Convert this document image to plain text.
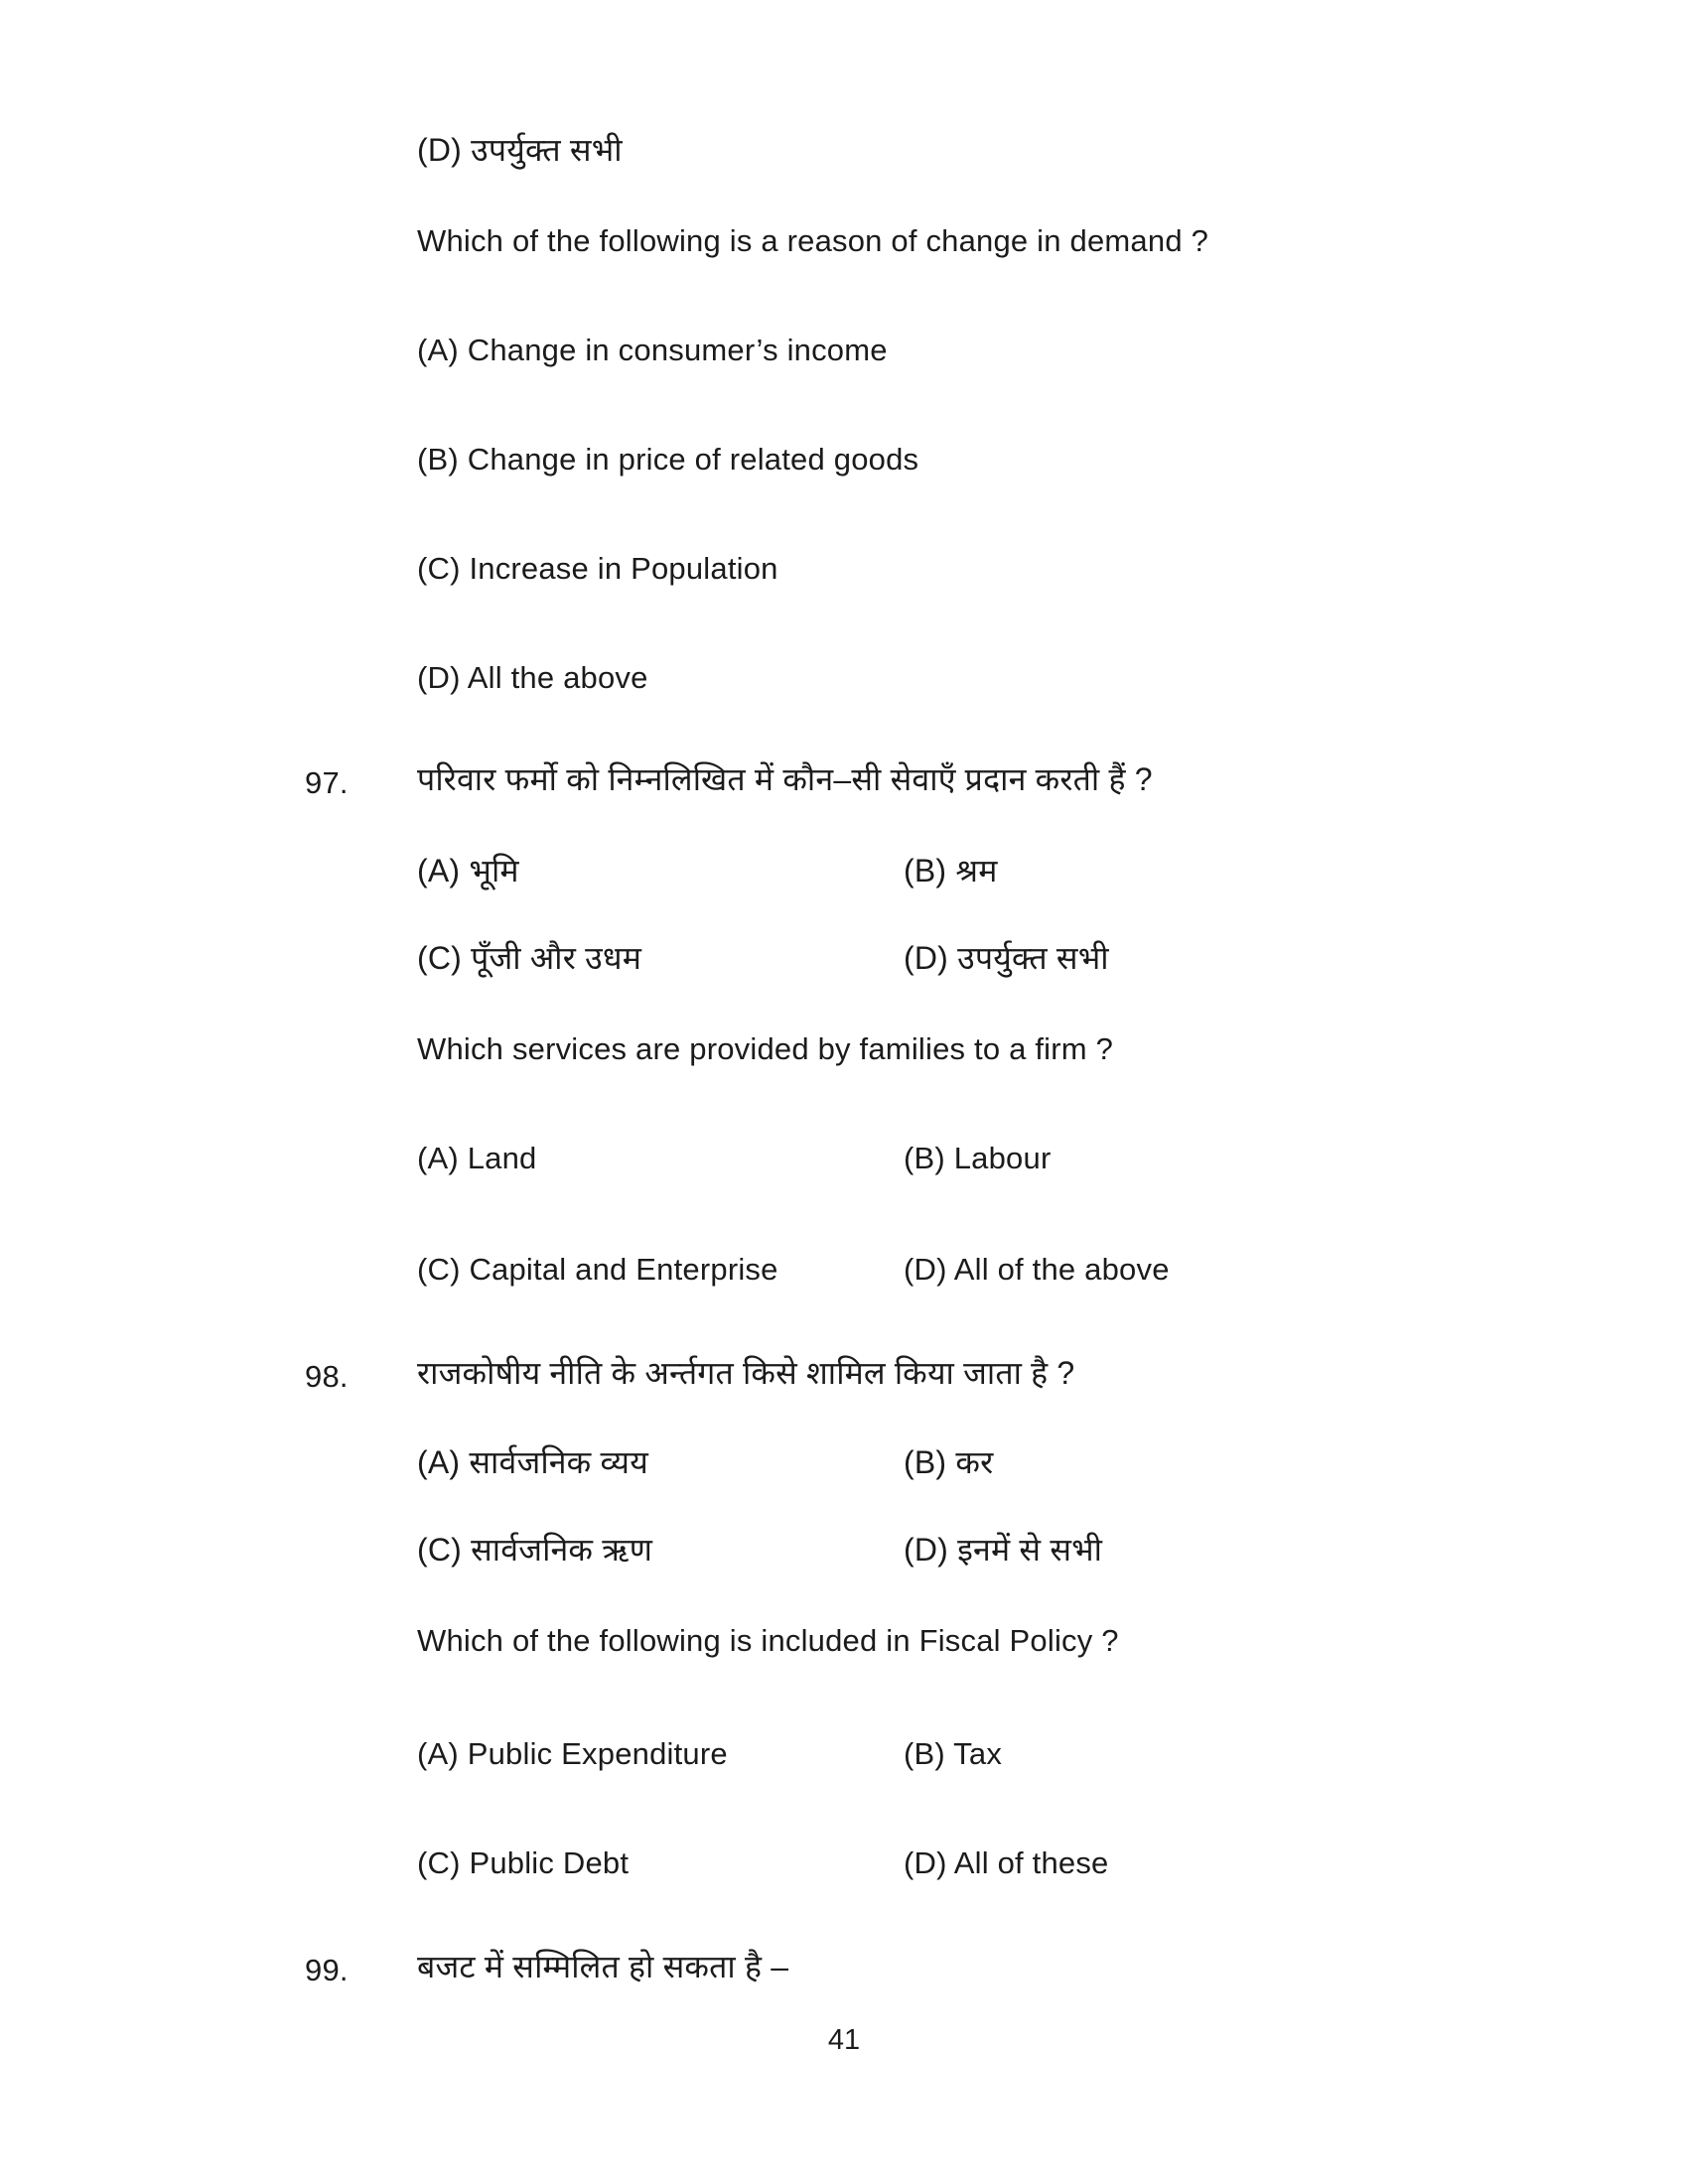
(D) उपर्युक्त सभी
Which of the following is a reason of change in demand ?
(A) Change in consumer’s income
(B) Change in price of related goods
(C) Increase in Population
(D) All the above
97. परिवार फर्मो को निम्नलिखित में कौन–सी सेवाएँ प्रदान करती हैं ?
(A) भूमि	(B) श्रम
(C) पूँजी और उधम	(D) उपर्युक्त सभी
Which services are provided by families to a firm ?
(A) Land	(B) Labour
(C) Capital and Enterprise	(D) All of the above
98. राजकोषीय नीति के अर्न्तगत किसे शामिल किया जाता है ?
(A) सार्वजनिक व्यय	(B) कर
(C) सार्वजनिक ऋण	(D) इनमें से सभी
Which of the following is included in Fiscal Policy ?
(A) Public Expenditure	(B) Tax
(C) Public Debt	(D) All of these
99. बजट में सम्मिलित हो सकता है –
41
